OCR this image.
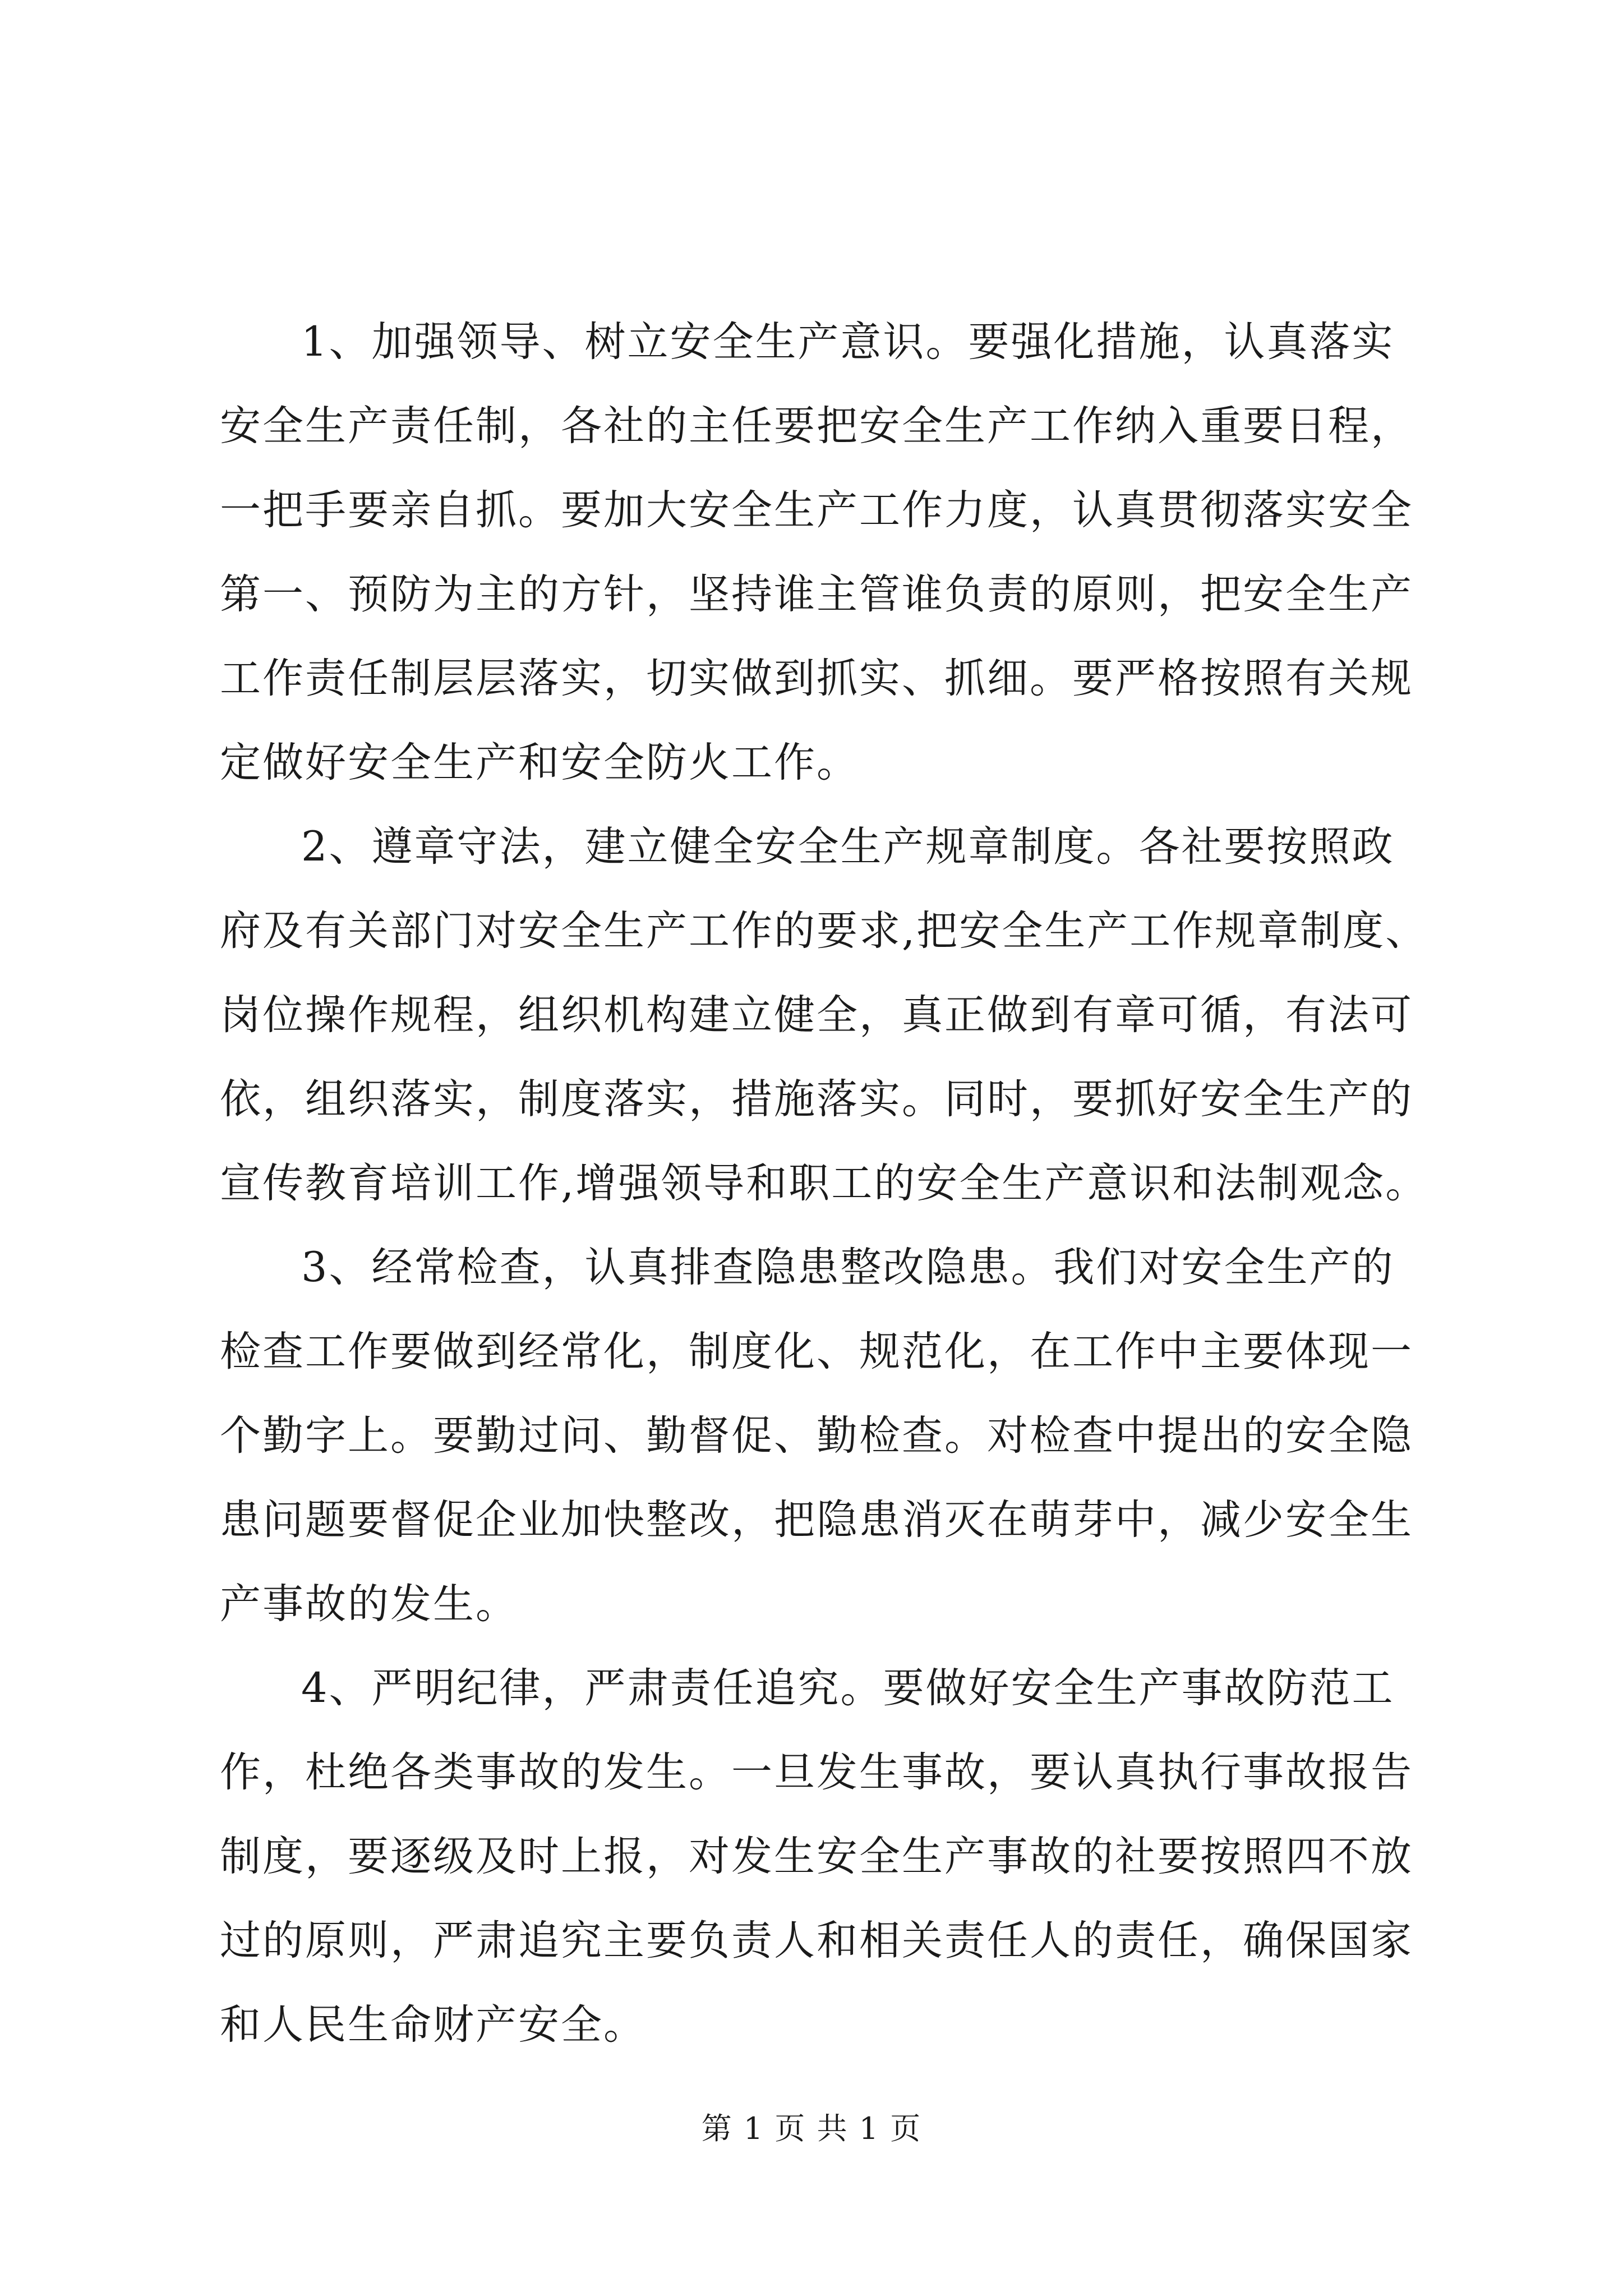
1、加强领导、树立安全生产意识。要强化措施，认真落实
安全生产责任制，各社的主任要把安全生产工作纳入重要日程，
一把手要亲自抓。要加大安全生产工作力度，认真贯彻落实安全
第一、预防为主的方针，坚持谁主管谁负责的原则，把安全生产
工作责任制层层落实，切实做到抓实、抓细。要严格按照有关规
定做好安全生产和安全防火工作。
2、遵章守法，建立健全安全生产规章制度。各社要按照政
府及有关部门对安全生产工作的要求,把安全生产工作规章制度、
岗位操作规程，组织机构建立健全，真正做到有章可循，有法可
依，组织落实，制度落实，措施落实。同时，要抓好安全生产的
宣传教育培训工作,增强领导和职工的安全生产意识和法制观念。
3、经常检查，认真排查隐患整改隐患。我们对安全生产的
检查工作要做到经常化，制度化、规范化，在工作中主要体现一
个勤字上。要勤过问、勤督促、勤检查。对检查中提出的安全隐
患问题要督促企业加快整改，把隐患消灭在萌芽中，减少安全生
产事故的发生。
4、严明纪律，严肃责任追究。要做好安全生产事故防范工
作，杜绝各类事故的发生。一旦发生事故，要认真执行事故报告
制度，要逐级及时上报，对发生安全生产事故的社要按照四不放
过的原则，严肃追究主要负责人和相关责任人的责任，确保国家
和人民生命财产安全。
第 1 页 共 1 页
